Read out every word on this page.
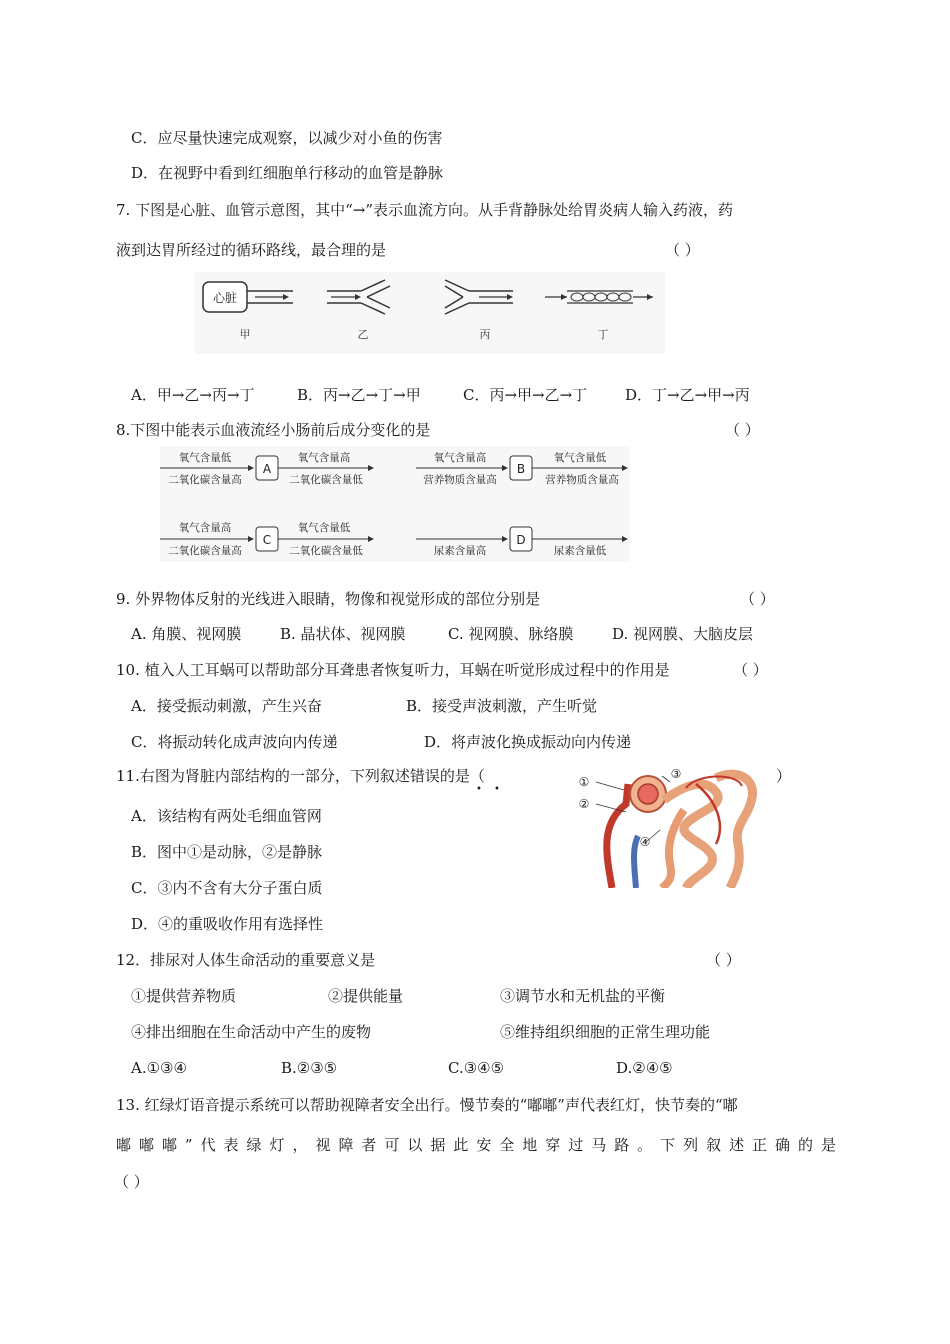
C．应尽量快速完成观察，以减少对小鱼的伤害
D．在视野中看到红细胞单行移动的血管是静脉
7. 下图是心脏、血管示意图，其中“→”表示血流方向。从手背静脉处给胃炎病人输入药液，药
液到达胃所经过的循环路线，最合理的是	（ ）
心脏
甲	乙	丙	丁
A．甲→乙→丙→丁	B．丙→乙→丁→甲	C．丙→甲→乙→丁	D．丁→乙→甲→丙
8.下图中能表示血液流经小肠前后成分变化的是	（ ）
氧气含量低
二氧化碳含量高
A
氧气含量高
二氧化碳含量低
氧气含量高
营养物质含量高
B
氧气含量低
营养物质含量高
氧气含量高
二氧化碳含量高
C
氧气含量低
二氧化碳含量低	尿素含量高
D
尿素含量低
9. 外界物体反射的光线进入眼睛，物像和视觉形成的部位分别是	（ ）
A. 角膜、视网膜	B. 晶状体、视网膜	C. 视网膜、脉络膜	D. 视网膜、大脑皮层
10. 植入人工耳蜗可以帮助部分耳聋患者恢复听力，耳蜗在听觉形成过程中的作用是	（ ）
A．接受振动刺激，产生兴奋	B．接受声波刺激，产生听觉
C．将振动转化成声波向内传递	D．将声波化换成振动向内传递
11.右图为肾脏内部结构的一部分，下列叙述错误的是（
• •
）
①
②
③
④
A．该结构有两处毛细血管网
B．图中①是动脉，②是静脉
C．③内不含有大分子蛋白质
D．④的重吸收作用有选择性
12．排尿对人体生命活动的重要意义是	（ ）
①提供营养物质	②提供能量	③调节水和无机盐的平衡
④排出细胞在生命活动中产生的废物	⑤维持组织细胞的正常生理功能
A.①③④	B.②③⑤	C.③④⑤	D.②④⑤
13. 红绿灯语音提示系统可以帮助视障者安全出行。慢节奏的“嘟嘟”声代表红灯，快节奏的“嘟
嘟嘟嘟”代表绿灯，视障者可以据此安全地穿过马路。下列叙述正确的是
（ ）
